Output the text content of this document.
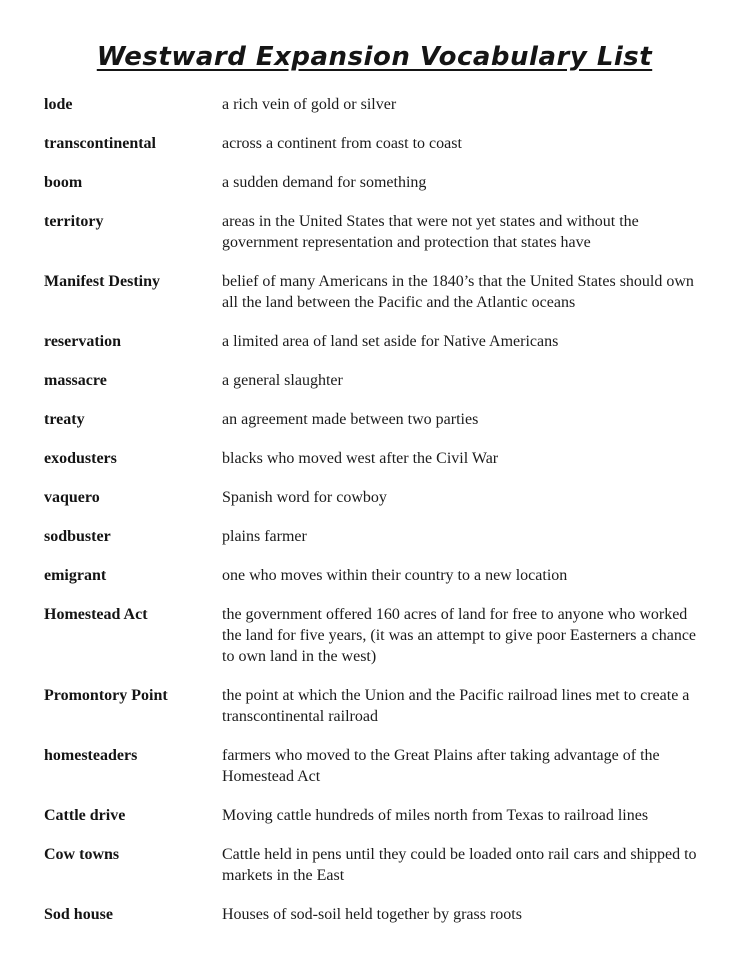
Westward Expansion Vocabulary List
lode	a rich vein of gold or silver
transcontinental	across a continent from coast to coast
boom	a sudden demand for something
territory	areas in the United States that were not yet states and without the government representation and protection that states have
Manifest Destiny	belief of many Americans in the 1840’s that the United States should own all the land between the Pacific and the Atlantic oceans
reservation	a limited area of land set aside for Native Americans
massacre	a general slaughter
treaty	an agreement made between two parties
exodusters	blacks who moved west after the Civil War
vaquero	Spanish word for cowboy
sodbuster	plains farmer
emigrant	one who moves within their country to a new location
Homestead Act	the government offered 160 acres of land for free to anyone who worked the land for five years, (it was an attempt to give poor Easterners a chance to own land in the west)
Promontory Point	the point at which the Union and the Pacific railroad lines met to create a transcontinental railroad
homesteaders	farmers who moved to the Great Plains after taking advantage of the Homestead Act
Cattle drive	Moving cattle hundreds of miles north from Texas to railroad lines
Cow towns	Cattle held in pens until they could be loaded onto rail cars and shipped to markets in the East
Sod house	Houses of sod-soil held together by grass roots
